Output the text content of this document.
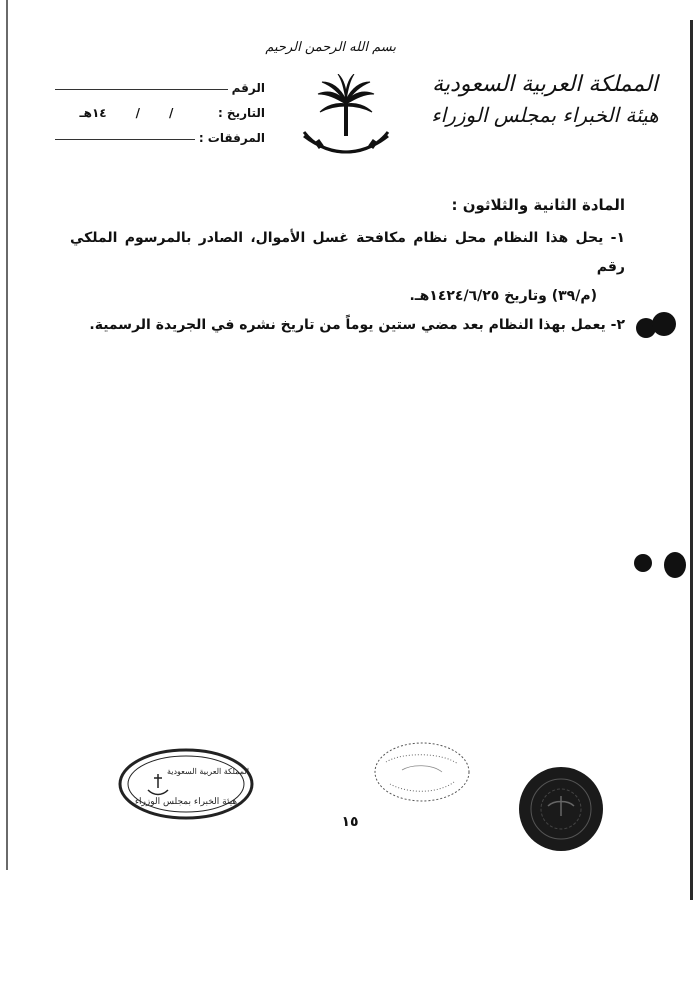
بسم الله الرحمن الرحيم
المملكة العربية السعودية
هيئة الخبراء بمجلس الوزراء
الرقم
التاريخ :
/
/
١٤هـ
المرفقات :
المادة الثانية والثلاثون :
١- يحل هذا النظام محل نظام مكافحة غسل الأموال، الصادر بالمرسوم الملكي رقم
(م/٣٩) وتاريخ ١٤٢٤/٦/٢٥هـ.
٢- يعمل بهذا النظام بعد مضي ستين يوماً من تاريخ نشره في الجريدة الرسمية.
المملكة العربية السعودية
هيئة الخبراء بمجلس الوزراء
١٥
